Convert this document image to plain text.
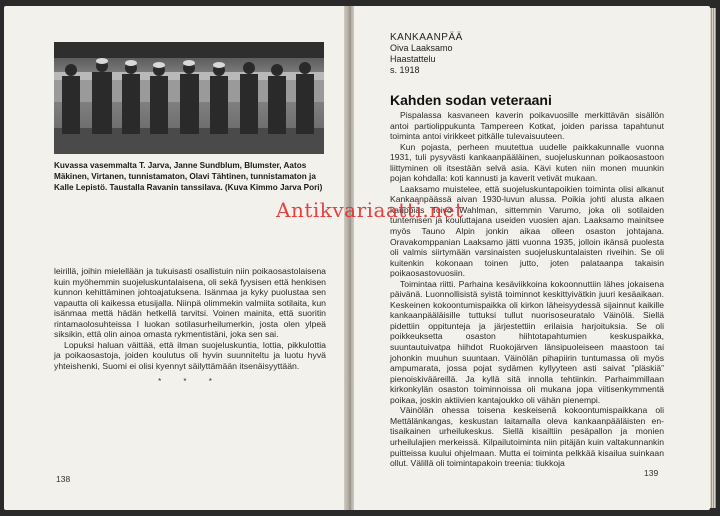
Kuvassa vasemmalta T. Jarva, Janne Sundblum, Blumster, Aatos Mäkinen, Virtanen, tunnistamaton, Olavi Tähtinen, tunnistamaton ja Kalle Lepistö. Taustalla Ravanin tanssilava. (Kuva Kimmo Jarva Pori)

leirillä, joihin mielellään ja tukuisasti osallistuin niin poikaosastolaisena kuin myöhemmin suojeluskuntalaisena, oli sekä fyysisen että henkisen kunnon kehittäminen johtoajatuksena. Isänmaa ja kyky puolustaa sen vapautta oli kaikessa etusijalla. Niinpä olimmekin valmiita sotilaita, kun isänmaa mettä hädän hetkellä tarvitsi. Voinen mainita, että suoritin rintamaolosuhteissa I luokan sotilasurheilumerkin, josta olen ylpeä siksikin, että olin ainoa omasta rykmentistäni, joka sen sai.

Lopuksi haluan väittää, että ilman suojeluskuntia, lottia, pikkulottia ja poikaosastoja, joiden koulutus oli hyvin suunniteltu ja luotu hyvä yhteishenki, Suomi ei olisi kyennyt säilyttämään itsenäisyyttään.

* * *
138
KANKAANPÄÄ
Oiva Laaksamo
Haastattelu
s. 1918
Kahden sodan veteraani

Pispalassa kasvaneen kaverin poikavuosille merkittävän sisällön antoi partiolippukunta Tampereen Kotkat, joiden parissa tapahtunut toiminta antoi virikkeet pitkälle tulevaisuuteen.

Kun pojasta, perheen muutettua uudelle paikkakunnalle vuonna 1931, tuli pysyvästi kankaanpääläinen, suojeluskunnan poikaosastoon liittyminen oli itsestään selvä asia. Kävi kuten niin monen muunkin pojan kohdalla: koti kannusti ja kaverit vetivät mukaan.

Laaksamo muistelee, että suojeluskuntapoikien toiminta olisi alkanut Kankaanpäässä aivan 1930-luvun alussa. Poikia johti alusta alkaen kauppias Toivo Wahlman, sittemmin Varumo, joka oli sotilaiden tuntemisen ja kouluttajana useiden vuosien ajan. Laaksamo mainitsee myös Tauno Alpin jonkin aikaa olleen osaston johtajana. Oravakomppanian Laaksamo jätti vuonna 1935, jolloin ikänsä puolesta oli valmis siirtymään varsinaisten suojeluskuntalaisten riveihin. Se oli kuitenkin kokonaan toinen jutto, joten palataanpa takaisin poikaosastovuosiin.

Toimintaa riitti. Parhaina kesäviikkoina kokoonnuttiin lähes jokaisena päivänä. Luonnollisistä syistä toiminnot keskittyivätkin juuri kesäaikaan. Keskeinen kokoontumispaikka oli kirkon läheisyydessä sijainnut kaikille kankaanpääläisille tuttuksi tullut nuorisoseuratalo Väinölä. Siellä pidettiin oppitunteja ja järjestettiin erilaisia harjoituksia. Se oli poikkeuksetta osaston hiihtotapahtumien keskuspaikka, suuntautuivatpa hiihdot Ruokojärven länsipuoleiseen maastoon tai johonkin muuhun suuntaan. Väinölän pihapiirin tuntumassa oli myös ampumarata, jossa pojat sydämen kyllyyteen asti saivat ”pläskiä” pienoiskivääreillä. Ja kyllä sitä innolla tehtiinkin. Parhaimmillaan kirkonkylän osaston toiminnoissa oli mukana jopa viitisenkymmentä poikaa, joskin aktiivien kantajoukko oli vähän pienempi.

Väinölän ohessa toisena keskeisenä kokoontumispaikkana oli Mettälänkangas, keskustan laitamalla oleva kankaanpääläisten entisaikainen urheilukeskus. Siellä kisailtiin pesäpallon ja monien urheilulajien merkeissä. Kilpailutoiminta niin pitäjän kuin valtakunnankin puitteissa kuului ohjelmaan. Mutta ei toiminta pelkkää kisailua suinkaan ollut. Välillä oli toimintapakoin treenia: tiukkoja

139
Antikvariaatti.net
